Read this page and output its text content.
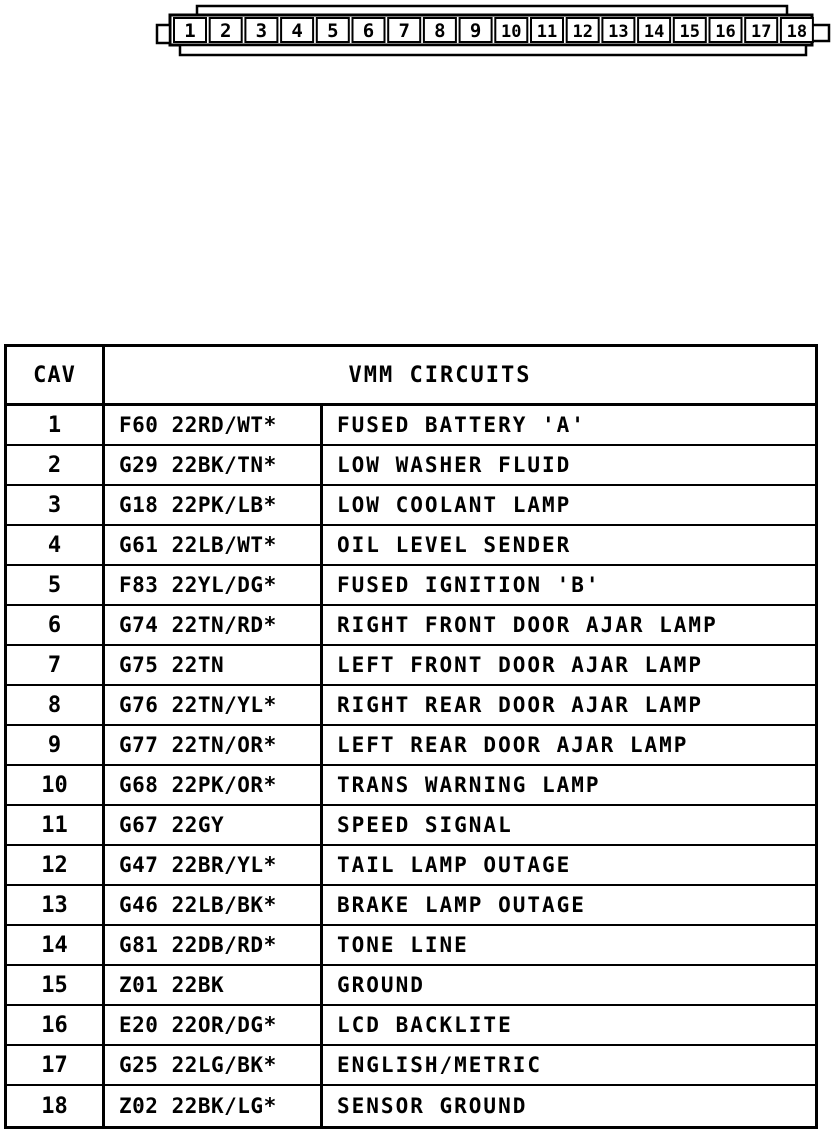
1 2 3 4 5 6 7 8 9 10 11 12 13 14 15 16 17 18
CAV	VMM CIRCUITS
1	F60 22RD/WT*	FUSED BATTERY 'A'
2	G29 22BK/TN*	LOW WASHER FLUID
3	G18 22PK/LB*	LOW COOLANT LAMP
4	G61 22LB/WT*	OIL LEVEL SENDER
5	F83 22YL/DG*	FUSED IGNITION 'B'
6	G74 22TN/RD*	RIGHT FRONT DOOR AJAR LAMP
7	G75 22TN	LEFT FRONT DOOR AJAR LAMP
8	G76 22TN/YL*	RIGHT REAR DOOR AJAR LAMP
9	G77 22TN/OR*	LEFT REAR DOOR AJAR LAMP
10	G68 22PK/OR*	TRANS WARNING LAMP
11	G67 22GY	SPEED SIGNAL
12	G47 22BR/YL*	TAIL LAMP OUTAGE
13	G46 22LB/BK*	BRAKE LAMP OUTAGE
14	G81 22DB/RD*	TONE LINE
15	Z01 22BK	GROUND
16	E20 22OR/DG*	LCD BACKLITE
17	G25 22LG/BK*	ENGLISH/METRIC
18	Z02 22BK/LG*	SENSOR GROUND
